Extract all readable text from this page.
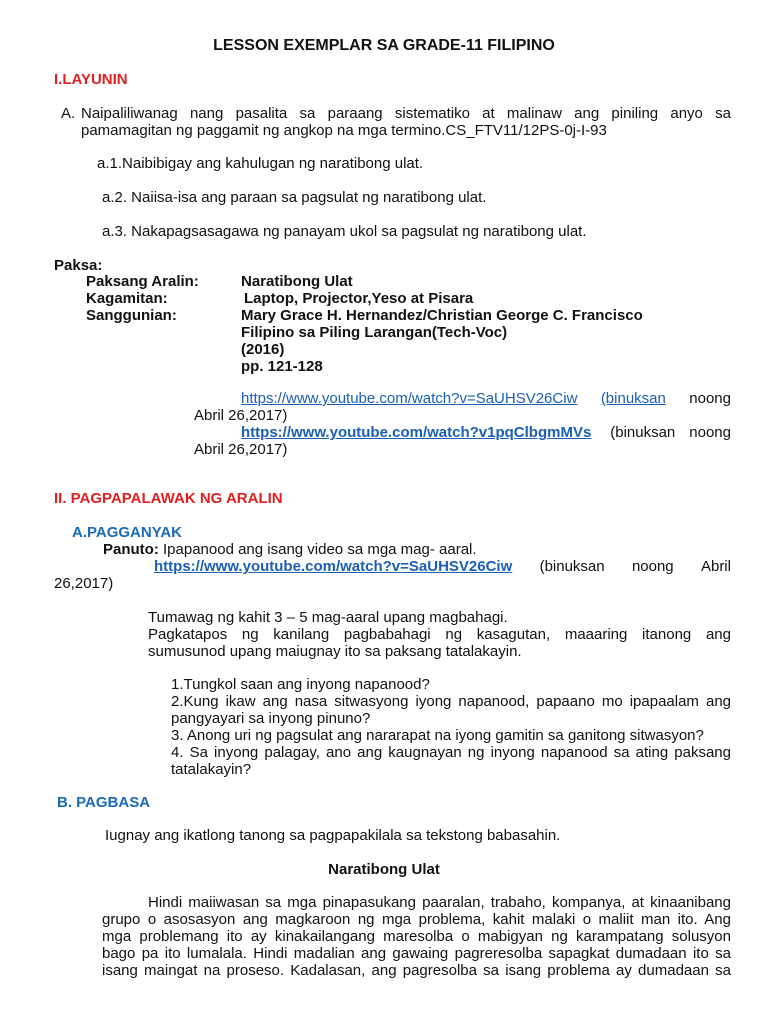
LESSON EXEMPLAR SA GRADE-11 FILIPINO
I.LAYUNIN
A. Naipaliliwanag nang pasalita sa paraang sistematiko at malinaw ang piniling anyo sa
pamamagitan ng paggamit ng angkop na mga termino.CS_FTV11/12PS-0j-I-93
a.1.Naibibigay ang kahulugan ng naratibong ulat.
a.2. Naiisa-isa ang paraan sa pagsulat ng naratibong ulat.
a.3. Nakapagsasagawa ng panayam ukol sa pagsulat ng naratibong ulat.
Paksa:
Paksang Aralin:	Naratibong Ulat
Kagamitan:	Laptop, Projector,Yeso at Pisara
Sanggunian:	Mary Grace H. Hernandez/Christian George C. Francisco
Filipino sa Piling Larangan(Tech-Voc)
(2016)
pp. 121-128
https://www.youtube.com/watch?v=SaUHSV26Ciw (binuksan noong
Abril 26,2017)
https://www.youtube.com/watch?v1pqClbgmMVs (binuksan noong
Abril 26,2017)
II. PAGPAPALAWAK NG ARALIN
A.PAGGANYAK
Panuto: Ipapanood ang isang video sa mga mag- aaral.
https://www.youtube.com/watch?v=SaUHSV26Ciw (binuksan noong Abril
26,2017)
Tumawag ng kahit 3 – 5 mag-aaral upang magbahagi.
Pagkatapos ng kanilang pagbabahagi ng kasagutan, maaaring itanong ang
sumusunod upang maiugnay ito sa paksang tatalakayin.
1.Tungkol saan ang inyong napanood?
2.Kung ikaw ang nasa sitwasyong iyong napanood, papaano mo ipapaalam ang
pangyayari sa inyong pinuno?
3. Anong uri ng pagsulat ang nararapat na iyong gamitin sa ganitong sitwasyon?
4. Sa inyong palagay, ano ang kaugnayan ng inyong napanood sa ating paksang
tatalakayin?
B. PAGBASA
Iugnay ang ikatlong tanong sa pagpapakilala sa tekstong babasahin.
Naratibong Ulat
Hindi maiiwasan sa mga pinapasukang paaralan, trabaho, kompanya, at kinaanibang
grupo o asosasyon ang magkaroon ng mga problema, kahit malaki o maliit man ito. Ang
mga problemang ito ay kinakailangang maresolba o mabigyan ng karampatang solusyon
bago pa ito lumalala. Hindi madalian ang gawaing pagreresolba sapagkat dumadaan ito sa
isang maingat na proseso. Kadalasan, ang pagresolba sa isang problema ay dumadaan sa
